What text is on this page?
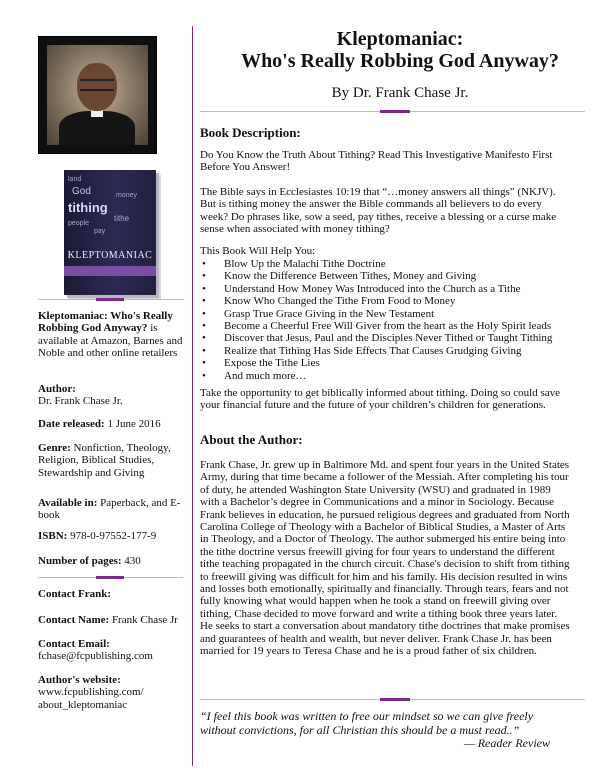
land
God
tithing
money
people
tithe
pay
KLEPTOMANIAC
Kleptomaniac: Who's Really Robbing God Anyway? is available at Amazon, Barnes and Noble and other online retailers
Author:
Dr. Frank Chase Jr.
Date released: 1 June 2016
Genre: Nonfiction, Theology, Religion, Biblical Studies, Stewardship and Giving
Available in: Paperback, and E-book
ISBN: 978-0-97552-177-9
Number of pages: 430
Contact Frank:
Contact Name: Frank Chase Jr
Contact Email:
fchase@fcpublishing.com
Author's website:
www.fcpublishing.com/
about_kleptomaniac
Kleptomaniac:
Who's Really Robbing God Anyway?
By Dr. Frank Chase Jr.
Book Description:
Do You Know the Truth About Tithing? Read This Investigative Manifesto First Before You Answer!
The Bible says in Ecclesiastes 10:19 that “…money answers all things” (NKJV). But is tithing money the answer the Bible commands all believers to do every week? Do phrases like, sow a seed, pay tithes, receive a blessing or a curse make sense when associated with money tithing?
This Book Will Help You:
• Blow Up the Malachi Tithe Doctrine
• Know the Difference Between Tithes, Money and Giving
• Understand How Money Was Introduced into the Church as a Tithe
• Know Who Changed the Tithe From Food to Money
• Grasp True Grace Giving in the New Testament
• Become a Cheerful Free Will Giver from the heart as the Holy Spirit leads
• Discover that Jesus, Paul and the Disciples Never Tithed or Taught Tithing
• Realize that Tithing Has Side Effects That Causes Grudging Giving
• Expose the Tithe Lies
• And much more…
Take the opportunity to get biblically informed about tithing. Doing so could save your financial future and the future of your children’s children for generations.
About the Author:
Frank Chase, Jr. grew up in Baltimore Md. and spent four years in the United States Army, during that time became a follower of the Messiah. After completing his tour of duty, he attended Washington State University (WSU) and graduated in 1989 with a Bachelor’s degree in Communications and a minor in Sociology. Because Frank believes in education, he pursued religious degrees and graduated from North Carolina College of Theology with a Bachelor of Biblical Studies, a Master of Arts in Theology, and a Doctor of Theology. The author submerged his entire being into the tithe doctrine versus freewill giving for four years to understand the different tithe teaching propagated in the church circuit. Chase's decision to shift from tithing to freewill giving was difficult for him and his family. His decision resulted in wins and losses both emotionally, spiritually and financially. Through tears, fears and not fully knowing what would happen when he took a stand on freewill giving over tithing, Chase decided to move forward and write a tithing book three years later. He seeks to start a conversation about mandatory tithe doctrines that make promises and guarantees of health and wealth, but never deliver. Frank Chase Jr. has been married for 19 years to Teresa Chase and he is a proud father of six children.
“I feel this book was written to free our mindset so we can give freely without convictions, for all Christian this should be a must read..”
— Reader Review
